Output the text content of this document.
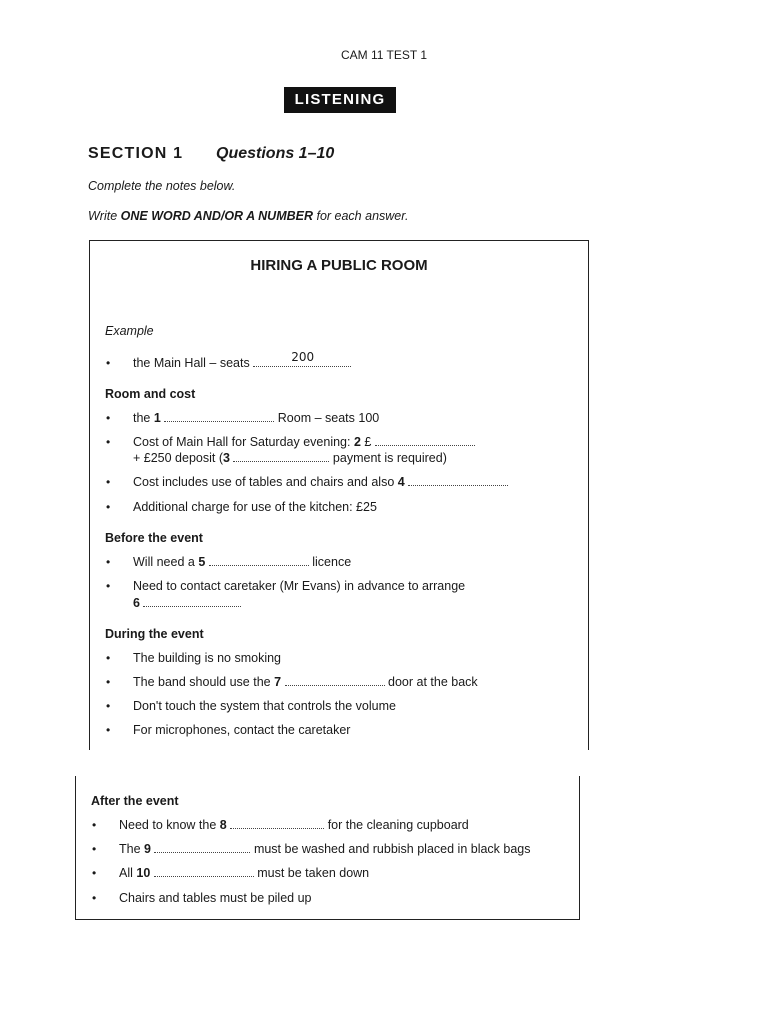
CAM 11 TEST 1
LISTENING
SECTION 1 Questions 1–10
Complete the notes below.
Write ONE WORD AND/OR A NUMBER for each answer.
HIRING A PUBLIC ROOM
Example
• the Main Hall – seats	200
Room and cost
• the 1	Room – seats 100
• Cost of Main Hall for Saturday evening: 2 £
+ £250 deposit (3	payment is required)
• Cost includes use of tables and chairs and also 4
• Additional charge for use of the kitchen: £25
Before the event
• Will need a 5	licence
• Need to contact caretaker (Mr Evans) in advance to arrange
6
During the event
• The building is no smoking
• The band should use the 7	door at the back
• Don't touch the system that controls the volume
• For microphones, contact the caretaker
After the event
• Need to know the 8	for the cleaning cupboard
• The 9	must be washed and rubbish placed in black bags
• All 10	must be taken down
• Chairs and tables must be piled up
